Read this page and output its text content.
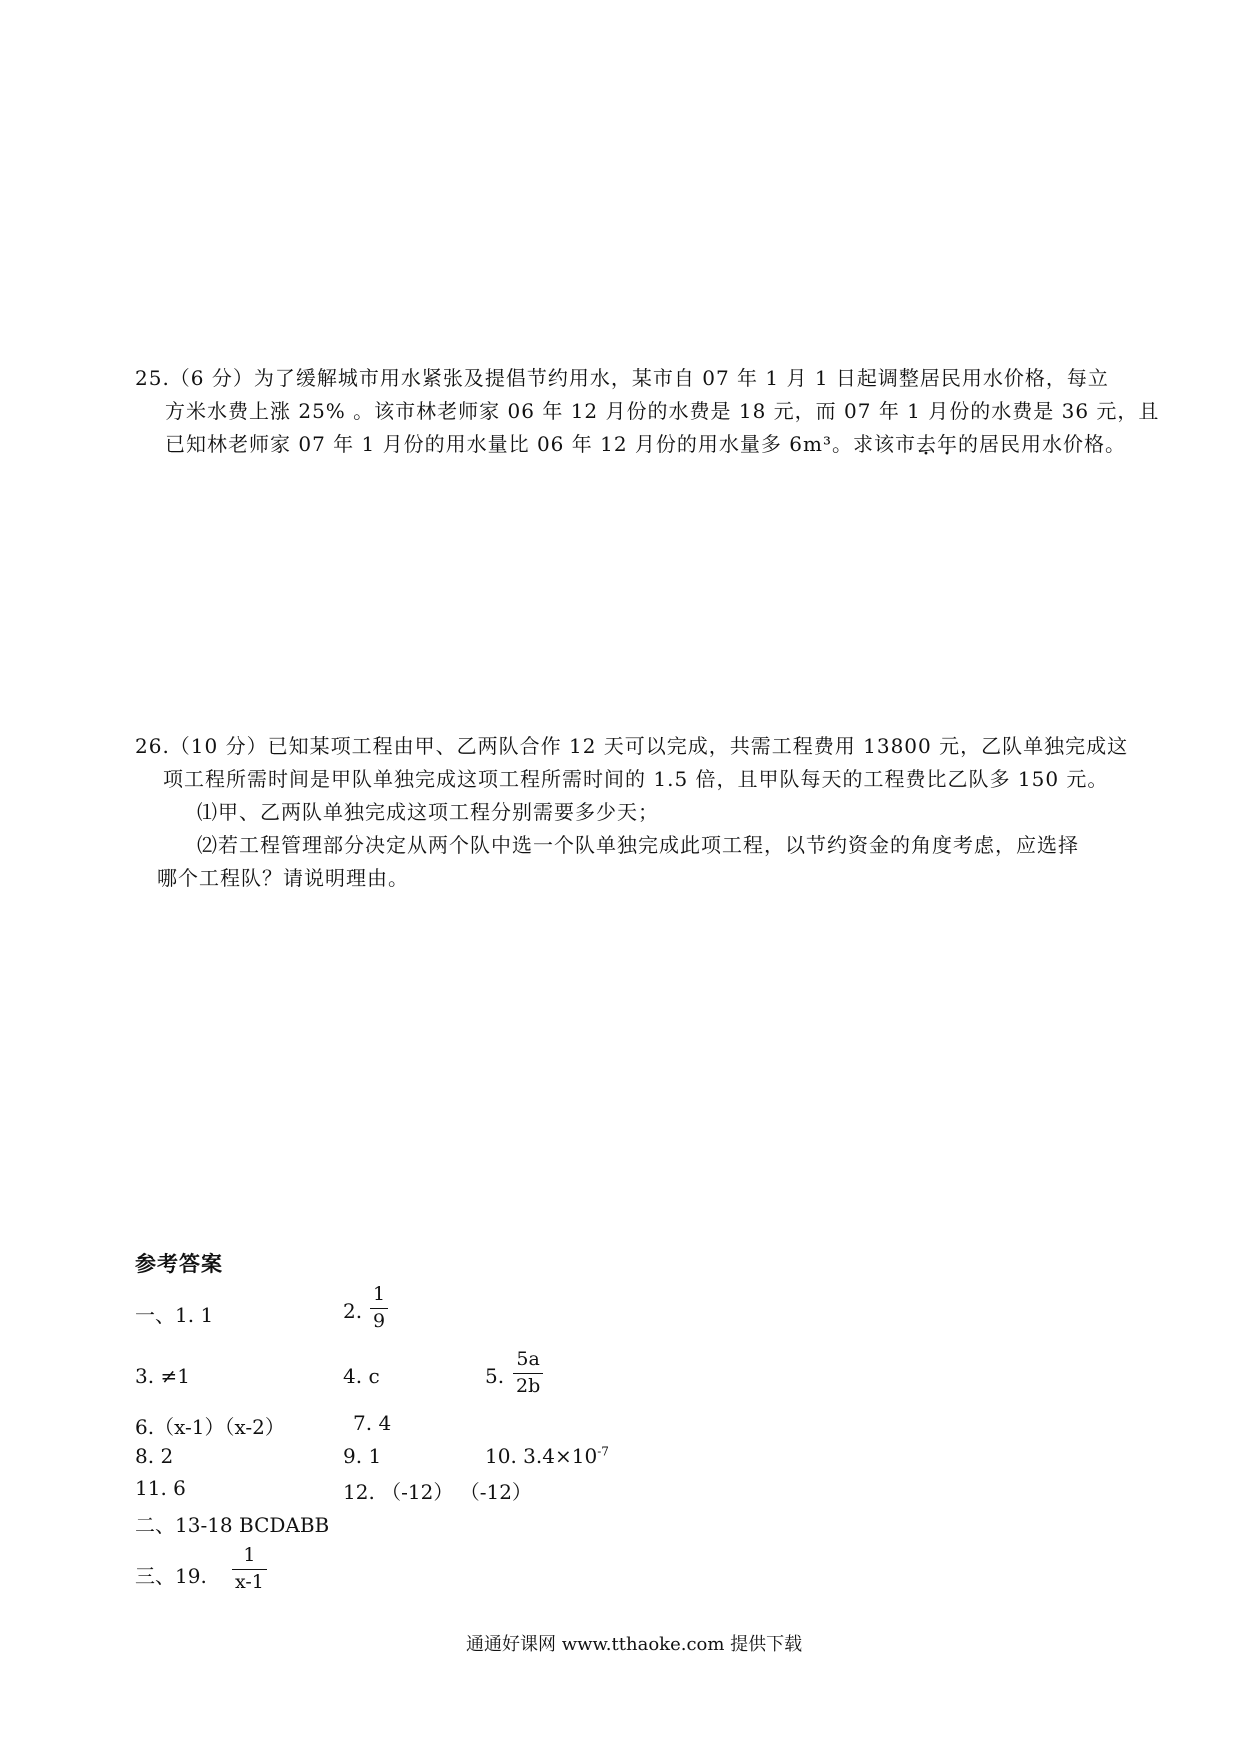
25.（6 分）为了缓解城市用水紧张及提倡节约用水，某市自 07 年 1 月 1 日起调整居民用水价格，每立
方米水费上涨 25% 。该市林老师家 06 年 12 月份的水费是 18 元，而 07 年 1 月份的水费是 36 元，且
已知林老师家 07 年 1 月份的用水量比 06 年 12 月份的用水量多 6m³。求该市去年的居民用水价格。
26.（10 分）已知某项工程由甲、乙两队合作 12 天可以完成，共需工程费用 13800 元，乙队单独完成这
项工程所需时间是甲队单独完成这项工程所需时间的 1.5 倍，且甲队每天的工程费比乙队多 150 元。
⑴甲、乙两队单独完成这项工程分别需要多少天；
⑵若工程管理部分决定从两个队中选一个队单独完成此项工程，以节约资金的角度考虑，应选择
哪个工程队？请说明理由。
参考答案
一、1. 1	2.
1
9
3. ≠1	4. c	5.
5a
2b
6.（x-1）（x-2）	7. 4
8. 2	9. 1	10. $3.4\times 10^{-7}$
11. 6	12. （-12） （-12）
二、13-18 BCDABB
三、19.
1
x-1
通通好课网 www.tthaoke.com 提供下载
